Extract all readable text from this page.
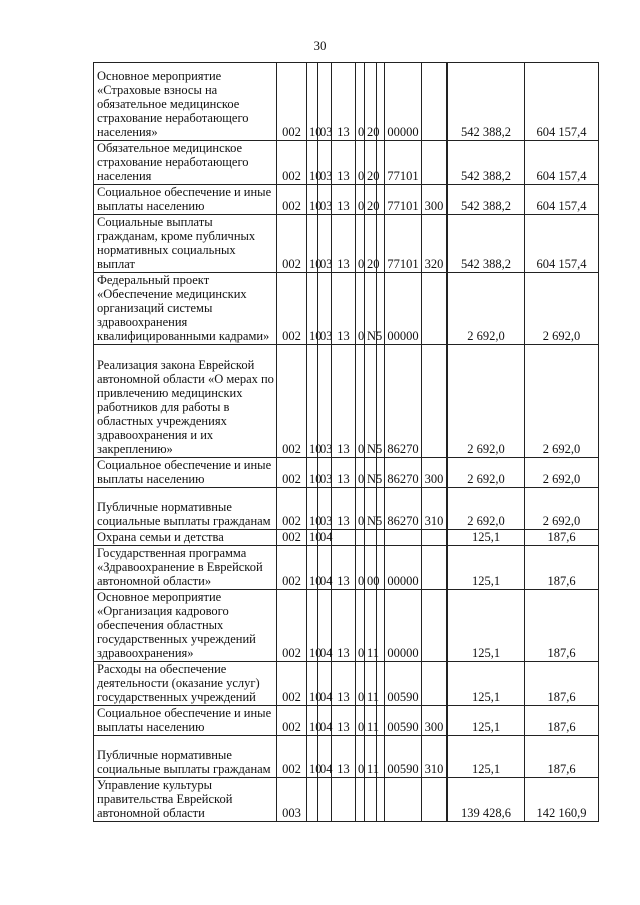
30
Основное мероприятие «Страховые взносы на обязательное медицинское страхование неработающего населения»	002	10	03	13	0	20		00000			542 388,2	604 157,4
Обязательное медицинское страхование неработающего населения	002	10	03	13	0	20		77101			542 388,2	604 157,4
Социальное обеспечение и иные выплаты населению	002	10	03	13	0	20		77101	300		542 388,2	604 157,4
Социальные выплаты гражданам, кроме публичных нормативных социальных выплат	002	10	03	13	0	20		77101	320		542 388,2	604 157,4
Федеральный проект «Обеспечение медицинских организаций системы здравоохранения квалифицированными кадрами»	002	10	03	13	0	N5		00000			2 692,0	2 692,0
Реализация закона Еврейской автономной области «О мерах по привлечению медицинских работников для работы в областных учреждениях здравоохранения и их закреплению»	002	10	03	13	0	N5		86270			2 692,0	2 692,0
Социальное обеспечение и иные выплаты населению	002	10	03	13	0	N5		86270	300		2 692,0	2 692,0
Публичные нормативные социальные выплаты гражданам	002	10	03	13	0	N5		86270	310		2 692,0	2 692,0
Охрана семьи и детства	002	10	04								125,1	187,6
Государственная программа «Здравоохранение в Еврейской автономной области»	002	10	04	13	0	00		00000			125,1	187,6
Основное мероприятие «Организация кадрового обеспечения областных государственных учреждений здравоохранения»	002	10	04	13	0	11		00000			125,1	187,6
Расходы на обеспечение деятельности (оказание услуг) государственных учреждений	002	10	04	13	0	11		00590			125,1	187,6
Социальное обеспечение и иные выплаты населению	002	10	04	13	0	11		00590	300		125,1	187,6
Публичные нормативные социальные выплаты гражданам	002	10	04	13	0	11		00590	310		125,1	187,6
Управление культуры правительства Еврейской автономной области	003										139 428,6	142 160,9
